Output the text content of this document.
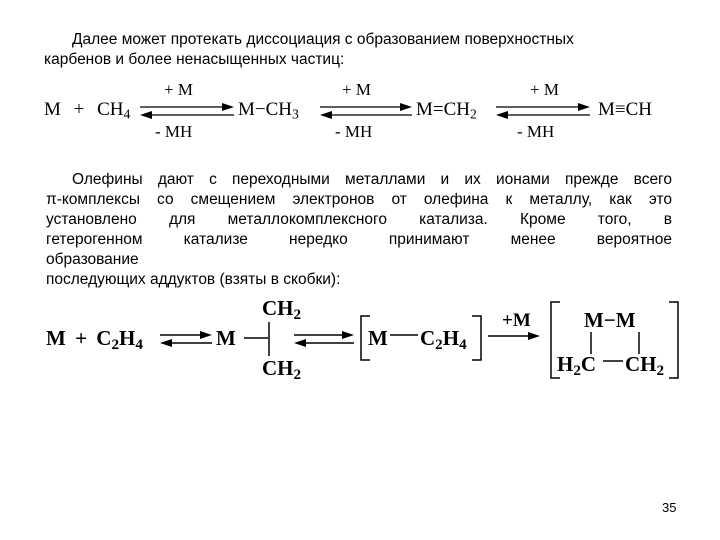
Далее может протекать диссоциация с образованием поверхностных
карбенов и более ненасыщенных частиц:
$M + CH_4$
+ M
- MH
$M-CH_3$
+ M
- MH
$M=CH_2$
+ M
- MH
M≡CH
Олефины дают с переходными металлами и их ионами прежде всего
π-комплексы со смещением электронов от олефина к металлу, как это
установлено для металлокомплексного катализа. Кроме того, в
гетерогенном катализе нередко принимают менее вероятное
образование
последующих аддуктов (взяты в скобки):
$M + C_2H_4$ ⇌ M
$CH_2$
$CH_2$
⇌ M $C_2H_4$
+M	M−M
$H_2C$ $CH_2$
35
